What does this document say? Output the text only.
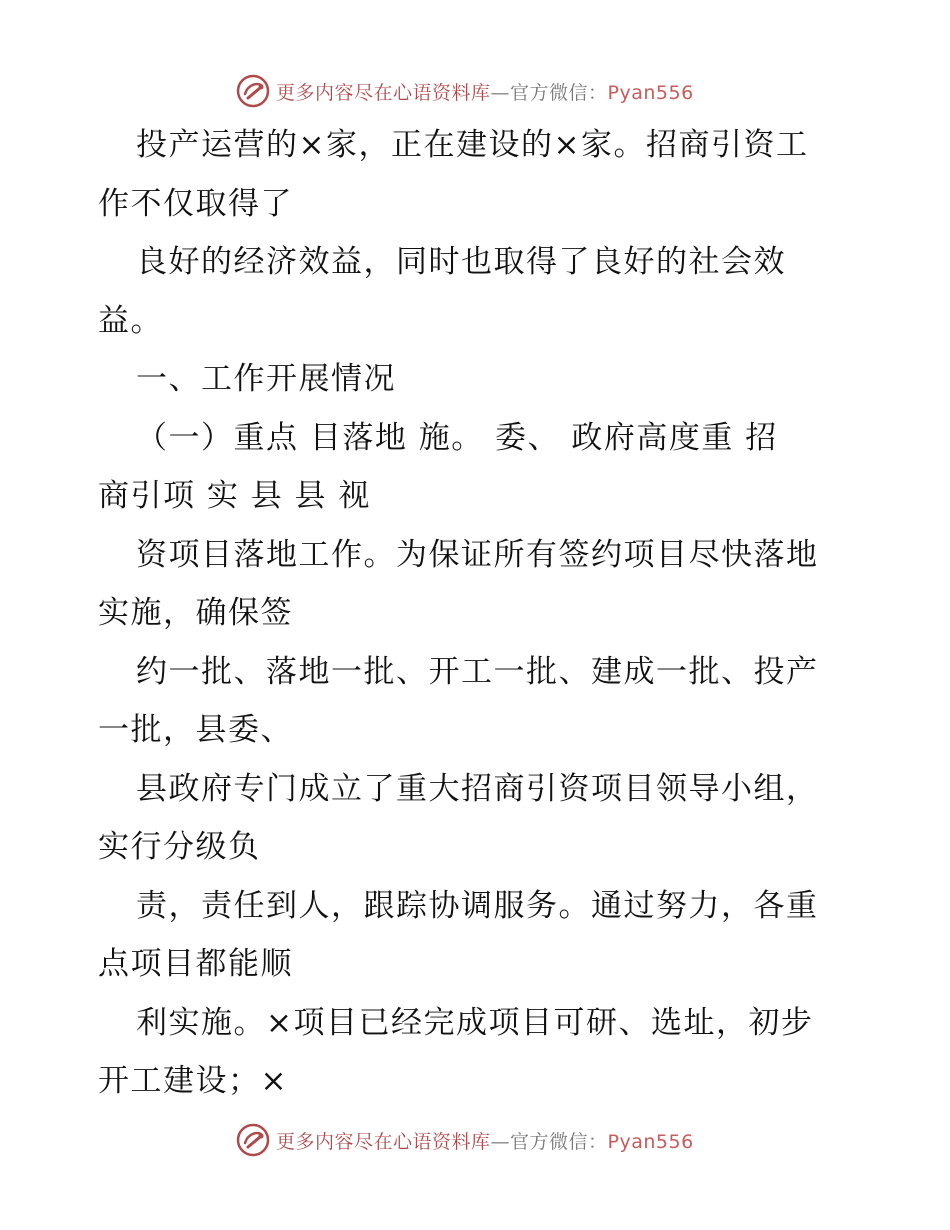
更多内容尽在心语资料库—官方微信：Pyan556
投产运营的×家，正在建设的×家。招商引资工
作不仅取得了
良好的经济效益，同时也取得了良好的社会效
益。
一、工作开展情况
（一）重点 目落地 施。 委、 政府高度重 招
商引项 实 县 县 视
资项目落地工作。为保证所有签约项目尽快落地
实施，确保签
约一批、落地一批、开工一批、建成一批、投产
一批，县委、
县政府专门成立了重大招商引资项目领导小组，
实行分级负
责，责任到人，跟踪协调服务。通过努力，各重
点项目都能顺
利实施。×项目已经完成项目可研、选址，初步
开工建设；×
更多内容尽在心语资料库—官方微信：Pyan556
